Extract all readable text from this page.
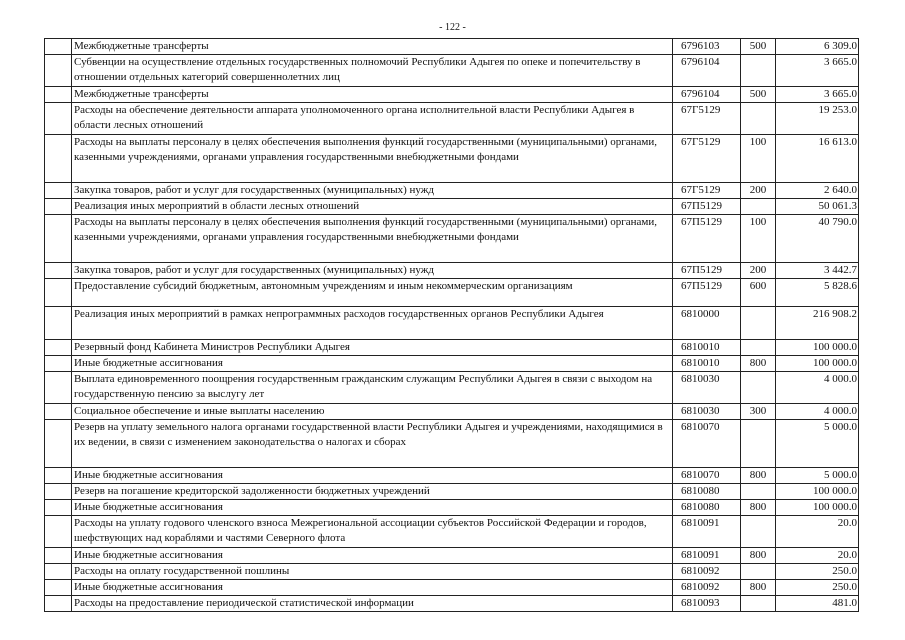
- 122 -
	Межбюджетные трансферты	6796103	500	6 309.0
	Субвенции на осуществление отдельных государственных полномочий Республики Адыгея по опеке и попечительству в отношении отдельных категорий совершеннолетних лиц	6796104		3 665.0
	Межбюджетные трансферты	6796104	500	3 665.0
	Расходы на обеспечение деятельности аппарата уполномоченного органа исполнительной власти Республики Адыгея в области лесных отношений	67Г5129		19 253.0
	Расходы на выплаты персоналу в целях обеспечения выполнения функций государственными (муниципальными) органами, казенными учреждениями, органами управления государственными внебюджетными фондами	67Г5129	100	16 613.0
	Закупка товаров, работ и услуг для государственных (муниципальных) нужд	67Г5129	200	2 640.0
	Реализация иных мероприятий в области лесных отношений	67П5129		50 061.3
	Расходы на выплаты персоналу в целях обеспечения выполнения функций государственными (муниципальными) органами, казенными учреждениями, органами управления государственными внебюджетными фондами	67П5129	100	40 790.0
	Закупка товаров, работ и услуг для государственных (муниципальных) нужд	67П5129	200	3 442.7
	Предоставление субсидий бюджетным, автономным учреждениям и иным некоммерческим организациям	67П5129	600	5 828.6
	Реализация иных мероприятий в рамках непрограммных расходов государственных органов Республики Адыгея	6810000		216 908.2
	Резервный фонд Кабинета Министров Республики Адыгея	6810010		100 000.0
	Иные бюджетные ассигнования	6810010	800	100 000.0
	Выплата единовременного поощрения государственным гражданским служащим Республики Адыгея в связи с выходом на государственную пенсию за выслугу лет	6810030		4 000.0
	Социальное обеспечение и иные выплаты населению	6810030	300	4 000.0
	Резерв на уплату земельного налога органами государственной власти Республики Адыгея и учреждениями, находящимися в их ведении, в связи с изменением законодательства о налогах и сборах	6810070		5 000.0
	Иные бюджетные ассигнования	6810070	800	5 000.0
	Резерв на погашение кредиторской задолженности бюджетных учреждений	6810080		100 000.0
	Иные бюджетные ассигнования	6810080	800	100 000.0
	Расходы на уплату годового членского взноса Межрегиональной ассоциации субъектов Российской Федерации и городов, шефствующих над кораблями и частями Северного флота	6810091		20.0
	Иные бюджетные ассигнования	6810091	800	20.0
	Расходы на оплату государственной пошлины	6810092		250.0
	Иные бюджетные ассигнования	6810092	800	250.0
	Расходы на предоставление периодической статистической информации	6810093		481.0
